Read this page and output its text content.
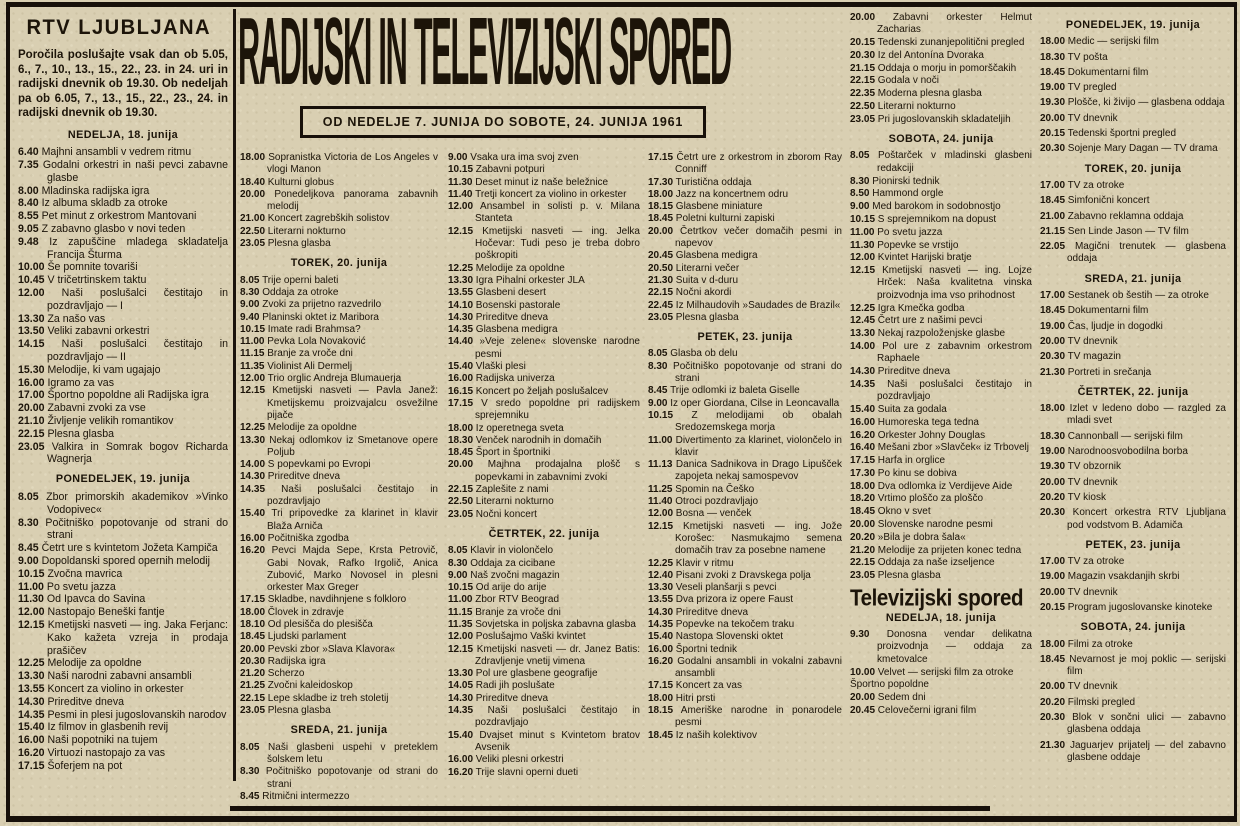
RTV LJUBLJANA

Poročila poslušajte vsak dan ob 5.05, 6., 7., 10., 13., 15., 22., 23. in 24. uri in radijski dnevnik ob 19.30. Ob nedeljah pa ob 6.05, 7., 13., 15., 22., 23., 24. in radijski dnevnik ob 19.30.

NEDELJA, 18. junija
6.40 Majhni ansambli v vedrem ritmu
7.35 Godalni orkestri in naši pevci zabavne glasbe
8.00 Mladinska radijska igra
8.40 Iz albuma skladb za otroke
8.55 Pet minut z orkestrom Mantovani
9.05 Z zabavno glasbo v novi teden
9.48 Iz zapuščine mladega skladatelja Francija Šturma
10.00 Še pomnite tovariši
10.45 V tričetrtinskem taktu
12.00 Naši poslušalci čestitajo in pozdravljajo — I
13.30 Za našo vas
13.50 Veliki zabavni orkestri
14.15 Naši poslušalci čestitajo in pozdravljajo — II
15.30 Melodije, ki vam ugajajo
16.00 Igramo za vas
17.00 Športno popoldne ali Radijska igra
20.00 Zabavni zvoki za vse
21.10 Življenje velikih romantikov
22.15 Plesna glasba
23.05 Valkira in Somrak bogov Richarda Wagnerja
PONEDELJEK, 19. junija
8.05 Zbor primorskih akademikov »Vinko Vodopivec«
8.30 Počitniško popotovanje od strani do strani
8.45 Četrt ure s kvintetom Jožeta Kampiča
9.00 Dopoldanski spored opernih melodij
10.15 Zvočna mavrica
11.00 Po svetu jazza
11.30 Od Ipavca do Savina
12.00 Nastopajo Beneški fantje
12.15 Kmetijski nasveti — ing. Jaka Ferjanc: Kako kažeta vzreja in prodaja prašičev
12.25 Melodije za opoldne
13.30 Naši narodni zabavni ansambli
13.55 Koncert za violino in orkester
14.30 Prireditve dneva
14.35 Pesmi in plesi jugoslovanskih narodov
15.40 Iz filmov in glasbenih revij
16.00 Naši popotniki na tujem
16.20 Virtuozi nastopajo za vas
17.15 Šoferjem na pot
RADIJSKI IN TELEVIZIJSKI SPORED
OD NEDELJE 7. JUNIJA DO SOBOTE, 24. JUNIJA 1961
18.00 Sopranistka Victoria de Los Angeles v vlogi Manon
18.40 Kulturni globus
20.00 Ponedeljkova panorama zabavnih melodij
21.00 Koncert zagrebških solistov
22.50 Literarni nokturno
23.05 Plesna glasba
TOREK, 20. junija
8.05 Trije operni baleti
8.30 Oddaja za otroke
9.00 Zvoki za prijetno razvedrilo
9.40 Planinski oktet iz Maribora
10.15 Imate radi Brahmsa?
11.00 Pevka Lola Novaković
11.15 Branje za vroče dni
11.35 Violinist Ali Dermelj
12.00 Trio orglic Andreja Blumauerja
12.15 Kmetijski nasveti — Pavla Janež: Kmetijskemu proizvajalcu osvežilne pijače
12.25 Melodije za opoldne
13.30 Nekaj odlomkov iz Smetanove opere Poljub
14.00 S popevkami po Evropi
14.30 Prireditve dneva
14.35 Naši poslušalci čestitajo in pozdravljajo
15.40 Tri pripovedke za klarinet in klavir Blaža Arniča
16.00 Počitniška zgodba
16.20 Pevci Majda Sepe, Krsta Petrovič, Gabi Novak, Rafko Irgolič, Anica Zubović, Marko Novosel in plesni orkester Max Greger
17.15 Skladbe, navdihnjene s folkloro
18.00 Človek in zdravje
18.10 Od plesišča do plesišča
18.45 Ljudski parlament
20.00 Pevski zbor »Slava Klavora«
20.30 Radijska igra
21.20 Scherzo
21.25 Zvočni kaleidoskop
22.15 Lepe skladbe iz treh stoletij
23.05 Plesna glasba
SREDA, 21. junija
8.05 Naši glasbeni uspehi v preteklem šolskem letu
8.30 Počitniško popotovanje od strani do strani
8.45 Ritmični intermezzo
9.00 Vsaka ura ima svoj zven
10.15 Zabavni potpuri
11.30 Deset minut iz naše beležnice
11.40 Tretji koncert za violino in orkester
12.00 Ansambel in solisti p. v. Milana Stanteta
12.15 Kmetijski nasveti — ing. Jelka Hočevar: Tudi peso je treba dobro poškropiti
12.25 Melodije za opoldne
13.30 Igra Pihalni orkester JLA
13.55 Glasbeni desert
14.10 Bosenski pastorale
14.30 Prireditve dneva
14.35 Glasbena medigra
14.40 »Veje zelene« slovenske narodne pesmi
15.40 Vlaški plesi
16.00 Radijska univerza
16.15 Koncert po željah poslušalcev
17.15 V sredo popoldne pri radijskem sprejemniku
18.00 Iz operetnega sveta
18.30 Venček narodnih in domačih
18.45 Šport in športniki
20.00 Majhna prodajalna plošč s popevkami in zabavnimi zvoki
22.15 Zaplešite z nami
22.50 Literarni nokturno
23.05 Nočni koncert
ČETRTEK, 22. junija
8.05 Klavir in violončelo
8.30 Oddaja za cicibane
9.00 Naš zvočni magazin
10.15 Od arije do arije
11.00 Zbor RTV Beograd
11.15 Branje za vroče dni
11.35 Sovjetska in poljska zabavna glasba
12.00 Poslušajmo Vaški kvintet
12.15 Kmetijski nasveti — dr. Janez Batis: Zdravljenje vnetij vimena
13.30 Pol ure glasbene geografije
14.05 Radi jih poslušate
14.30 Prireditve dneva
14.35 Naši poslušalci čestitajo in pozdravljajo
15.40 Dvajset minut s Kvintetom bratov Avsenik
16.00 Veliki plesni orkestri
16.20 Trije slavni operni dueti
17.15 Četrt ure z orkestrom in zborom Ray Conniff
17.30 Turistična oddaja
18.00 Jazz na koncertnem odru
18.15 Glasbene miniature
18.45 Poletni kulturni zapiski
20.00 Četrtkov večer domačih pesmi in napevov
20.45 Glasbena medigra
20.50 Literarni večer
21.30 Suita v d-duru
22.15 Nočni akordi
22.45 Iz Milhaudovih »Saudades de Brazil«
23.05 Plesna glasba
PETEK, 23. junija
8.05 Glasba ob delu
8.30 Počitniško popotovanje od strani do strani
8.45 Trije odlomki iz baleta Giselle
9.00 Iz oper Giordana, Cilse in Leoncavalla
10.15 Z melodijami ob obalah Sredozemskega morja
11.00 Divertimento za klarinet, violončelo in klavir
11.13 Danica Sadnikova in Drago Lipušček zapojeta nekaj samospevov
11.25 Spomin na Češko
11.40 Otroci pozdravljajo
12.00 Bosna — venček
12.15 Kmetijski nasveti — ing. Jože Korošec: Nasmukajmo semena domačih trav za posebne namene
12.25 Klavir v ritmu
12.40 Pisani zvoki z Dravskega polja
13.30 Veseli planšarji s pevci
13.55 Dva prizora iz opere Faust
14.30 Prireditve dneva
14.35 Popevke na tekočem traku
15.40 Nastopa Slovenski oktet
16.00 Športni tednik
16.20 Godalni ansambli in vokalni zabavni ansambli
17.15 Koncert za vas
18.00 Hitri prsti
18.15 Ameriške narodne in ponarodele pesmi
18.45 Iz naših kolektivov
20.00 Zabavni orkester Helmut Zacharias
20.15 Tedenski zunanjepolitični pregled
20.30 Iz del Antonína Dvoraka
21.15 Oddaja o morju in pomorščakih
22.15 Godala v noči
22.35 Moderna plesna glasba
22.50 Literarni nokturno
23.05 Pri jugoslovanskih skladateljih
SOBOTA, 24. junija
8.05 Poštarček v mladinski glasbeni redakciji
8.30 Pionirski tednik
8.50 Hammond orgle
9.00 Med barokom in sodobnostjo
10.15 S sprejemnikom na dopust
11.00 Po svetu jazza
11.30 Popevke se vrstijo
12.00 Kvintet Harijski bratje
12.15 Kmetijski nasveti — ing. Lojze Hrček: Naša kvalitetna vinska proizvodnja ima vso prihodnost
12.25 Igra Kmečka godba
12.45 Četrt ure z našimi pevci
13.30 Nekaj razpoloženjske glasbe
14.00 Pol ure z zabavnim orkestrom Raphaele
14.30 Prireditve dneva
14.35 Naši poslušalci čestitajo in pozdravljajo
15.40 Suita za godala
16.00 Humoreska tega tedna
16.20 Orkester Johny Douglas
16.40 Mešani zbor »Slavček« iz Trbovelj
17.15 Harfa in orglice
17.30 Po kinu se dobiva
18.00 Dva odlomka iz Verdijeve Aide
18.20 Vrtimo ploščo za ploščo
18.45 Okno v svet
20.00 Slovenske narodne pesmi
20.20 »Bila je dobra šala«
21.20 Melodije za prijeten konec tedna
22.15 Oddaja za naše izseljence
23.05 Plesna glasba
Televizijski spored
NEDELJA, 18. junija
9.30 Donosna vendar delikatna proizvodnja — oddaja za kmetovalce
10.00 Velvet — serijski film za otroke
Športno popoldne
20.00 Sedem dni
20.45 Celovečerni igrani film
PONEDELJEK, 19. junija
18.00 Medic — serijski film
18.30 TV pošta
18.45 Dokumentarni film
19.00 TV pregled
19.30 Plošče, ki živijo — glasbena oddaja
20.00 TV dnevnik
20.15 Tedenski športni pregled
20.30 Sojenje Mary Dagan — TV drama
TOREK, 20. junija
17.00 TV za otroke
18.45 Simfonični koncert
21.00 Zabavno reklamna oddaja
21.15 Sen Linde Jason — TV film
22.05 Magični trenutek — glasbena oddaja
SREDA, 21. junija
17.00 Sestanek ob šestih — za otroke
18.45 Dokumentarni film
19.00 Čas, ljudje in dogodki
20.00 TV dnevnik
20.30 TV magazin
21.30 Portreti in srečanja
ČETRTEK, 22. junija
18.00 Izlet v ledeno dobo — razgled za mladi svet
18.30 Cannonball — serijski film
19.00 Narodnoosvobodilna borba
19.30 TV obzornik
20.00 TV dnevnik
20.20 TV kiosk
20.30 Koncert orkestra RTV Ljubljana pod vodstvom B. Adamiča
PETEK, 23. junija
17.00 TV za otroke
19.00 Magazin vsakdanjih skrbi
20.00 TV dnevnik
20.15 Program jugoslovanske kinoteke
SOBOTA, 24. junija
18.00 Filmi za otroke
18.45 Nevarnost je moj poklic — serijski film
20.00 TV dnevnik
20.20 Filmski pregled
20.30 Blok v sončni ulici — zabavno glasbena oddaja
21.30 Jaguarjev prijatelj — del zabavno glasbene oddaje
